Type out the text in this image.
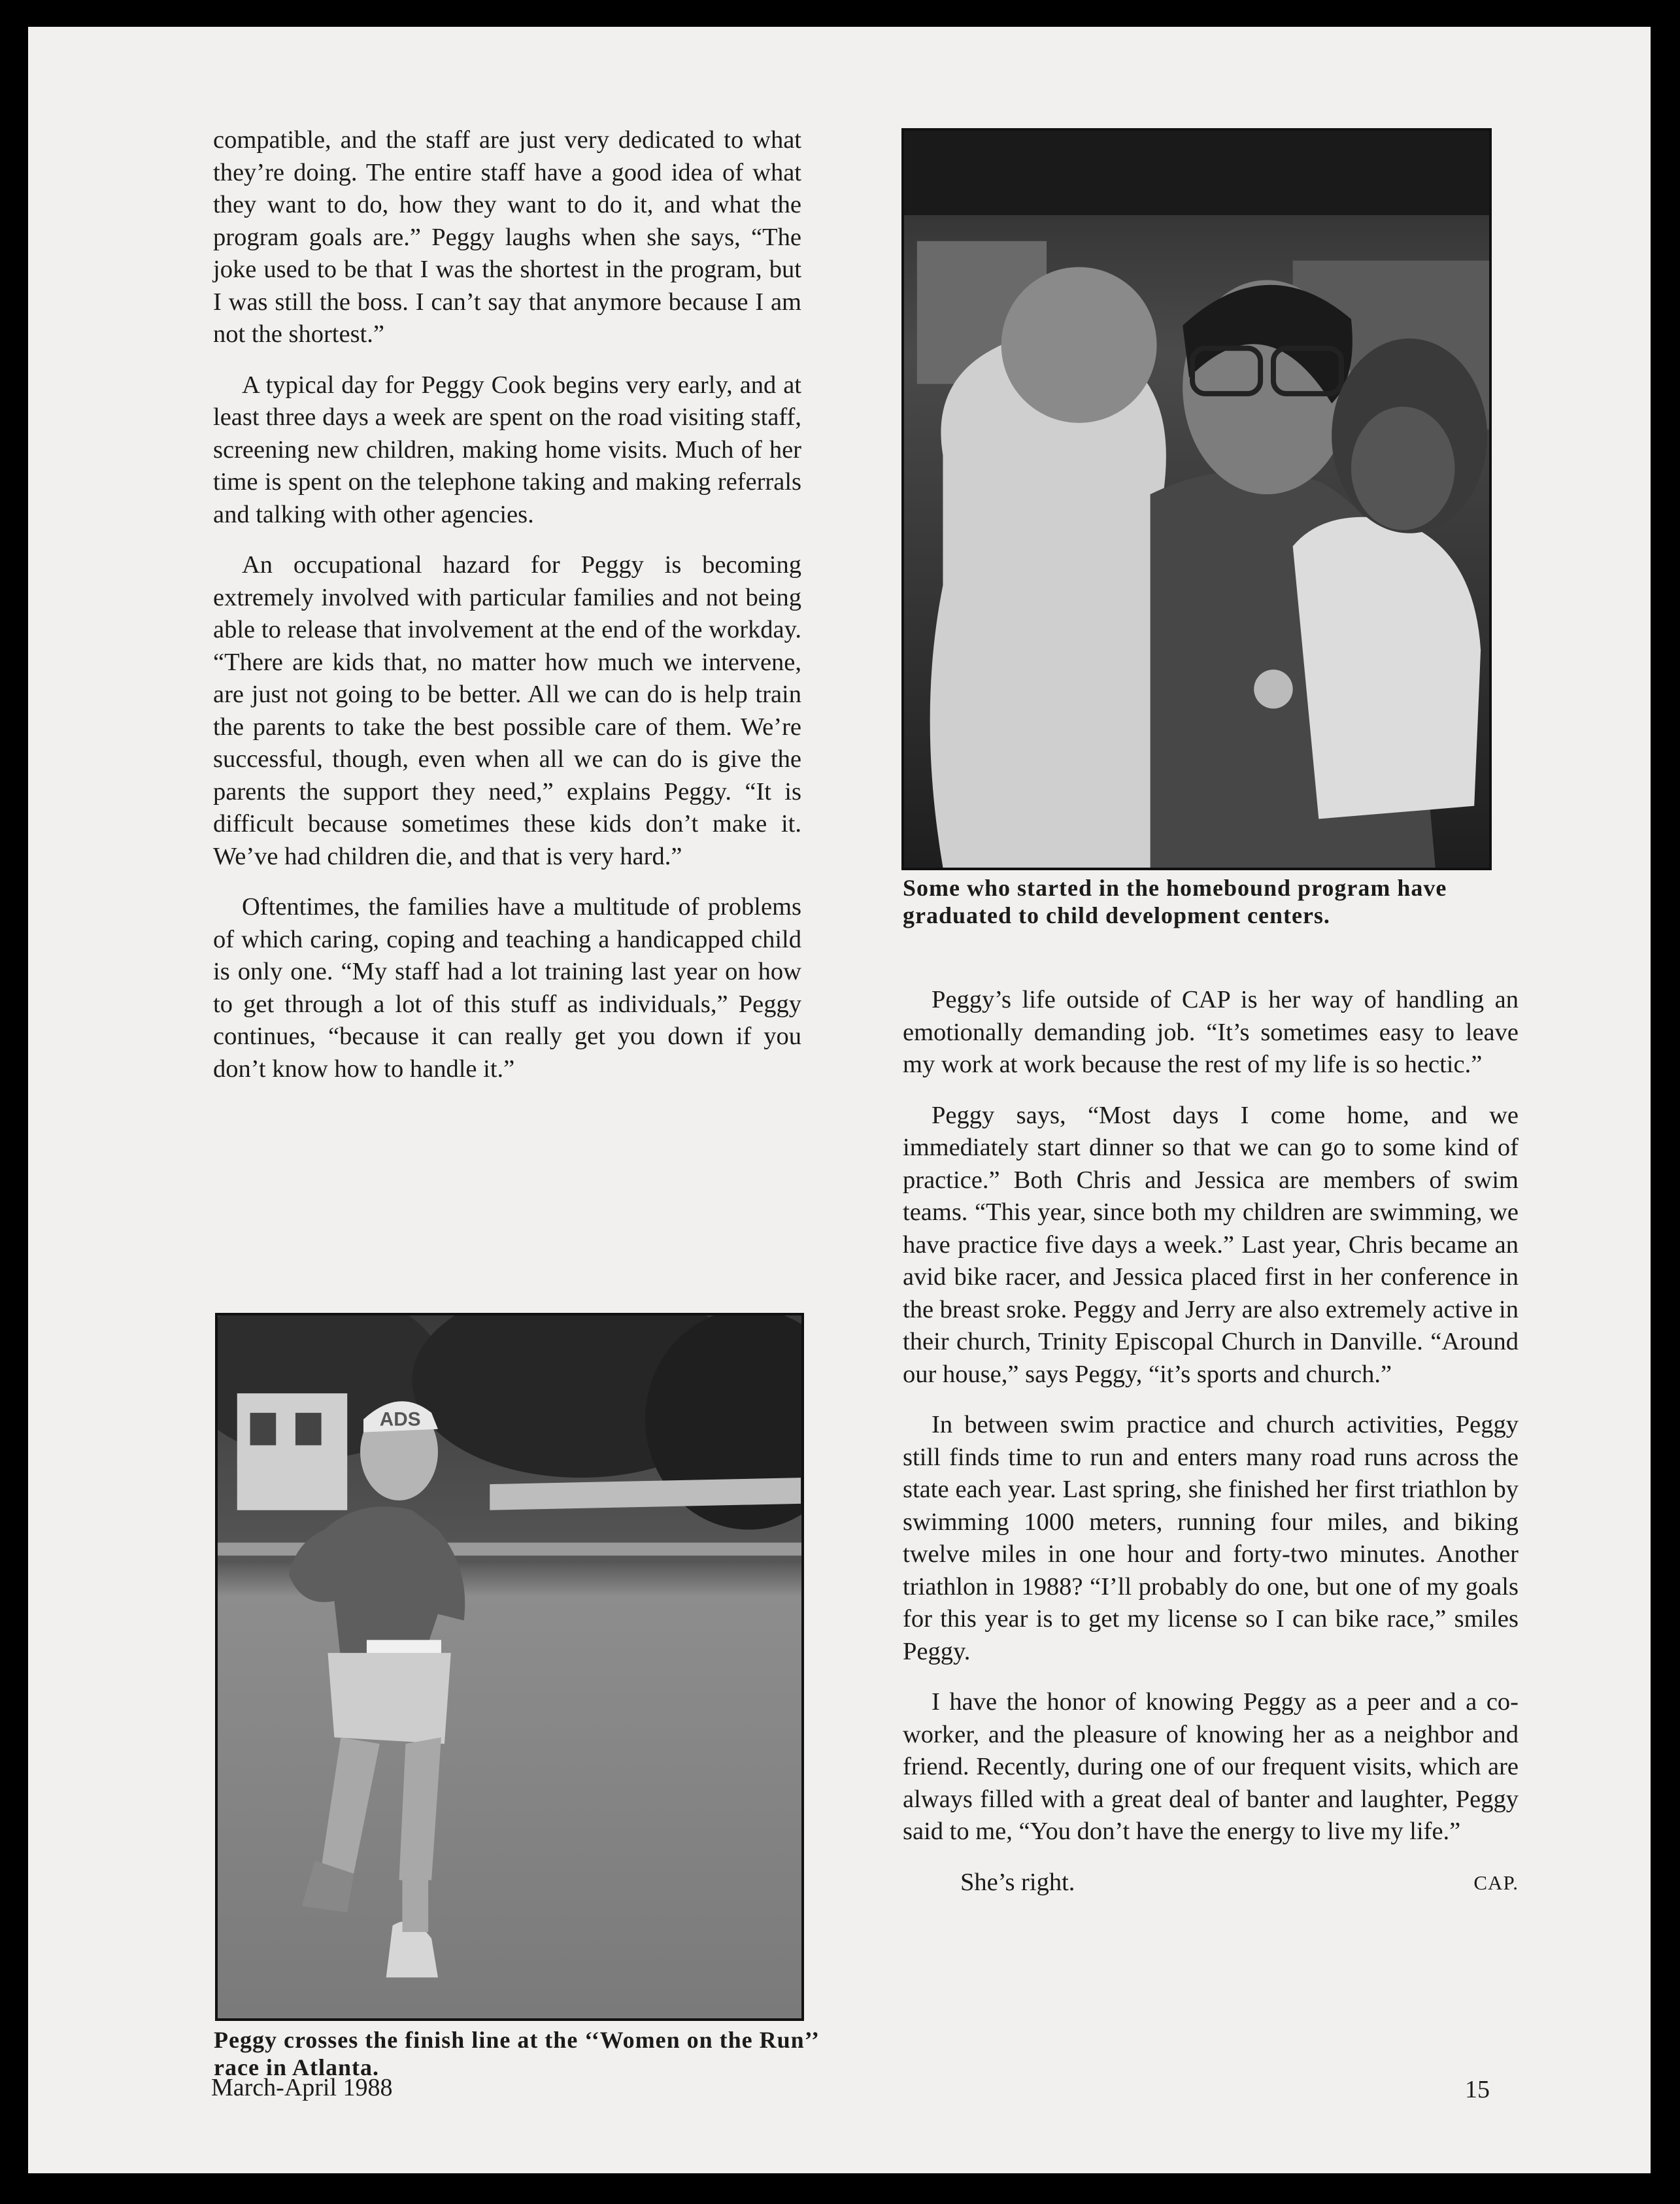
compatible, and the staff are just very dedicated to what they’re doing. The entire staff have a good idea of what they want to do, how they want to do it, and what the program goals are.” Peggy laughs when she says, “The joke used to be that I was the shortest in the program, but I was still the boss. I can’t say that anymore because I am not the shortest.”

A typical day for Peggy Cook begins very early, and at least three days a week are spent on the road visiting staff, screening new children, making home visits. Much of her time is spent on the telephone taking and making referrals and talking with other agencies.

An occupational hazard for Peggy is becoming extremely involved with particular families and not being able to release that involvement at the end of the workday. “There are kids that, no matter how much we intervene, are just not going to be better. All we can do is help train the parents to take the best possible care of them. We’re successful, though, even when all we can do is give the parents the support they need,” explains Peggy. “It is difficult because sometimes these kids don’t make it. We’ve had children die, and that is very hard.”

Oftentimes, the families have a multitude of problems of which caring, coping and teaching a handicapped child is only one. “My staff had a lot training last year on how to get through a lot of this stuff as individuals,” Peggy continues, “because it can really get you down if you don’t know how to handle it.”

Some who started in the homebound program have graduated to child development centers.
ADS
Peggy crosses the finish line at the ‘‘Women on the Run’’ race in Atlanta.

Peggy’s life outside of CAP is her way of handling an emotionally demanding job. “It’s sometimes easy to leave my work at work because the rest of my life is so hectic.”

Peggy says, “Most days I come home, and we immediately start dinner so that we can go to some kind of practice.” Both Chris and Jessica are members of swim teams. “This year, since both my children are swimming, we have practice five days a week.” Last year, Chris became an avid bike racer, and Jessica placed first in her conference in the breast sroke. Peggy and Jerry are also extremely active in their church, Trinity Episcopal Church in Danville. “Around our house,” says Peggy, “it’s sports and church.”

In between swim practice and church activities, Peggy still finds time to run and enters many road runs across the state each year. Last spring, she finished her first triathlon by swimming 1000 meters, running four miles, and biking twelve miles in one hour and forty-two minutes. Another triathlon in 1988? “I’ll probably do one, but one of my goals for this year is to get my license so I can bike race,” smiles Peggy.

I have the honor of knowing Peggy as a peer and a co-worker, and the pleasure of knowing her as a neighbor and friend. Recently, during one of our frequent visits, which are always filled with a great deal of banter and laughter, Peggy said to me, “You don’t have the energy to live my life.”

She’s right.	CAP.

March-April 1988	15
